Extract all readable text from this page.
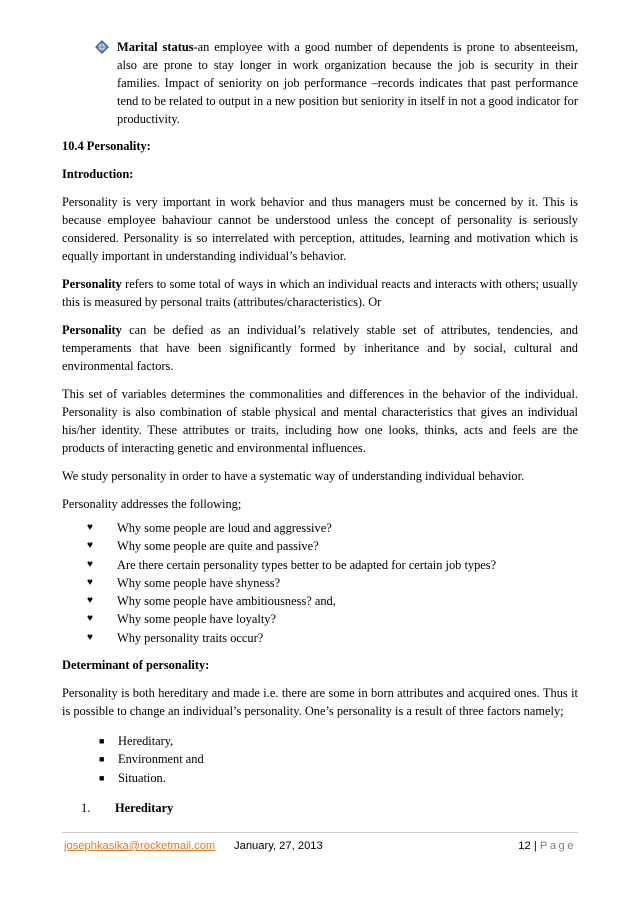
Marital status-an employee with a good number of dependents is prone to absenteeism, also are prone to stay longer in work organization because the job is security in their families. Impact of seniority on job performance –records indicates that past performance tend to be related to output in a new position but seniority in itself in not a good indicator for productivity.

10.4 Personality:

Introduction:

Personality is very important in work behavior and thus managers must be concerned by it. This is because employee bahaviour cannot be understood unless the concept of personality is seriously considered. Personality is so interrelated with perception, attitudes, learning and motivation which is equally important in understanding individual’s behavior.

Personality refers to some total of ways in which an individual reacts and interacts with others; usually this is measured by personal traits (attributes/characteristics). Or

Personality can be defied as an individual’s relatively stable set of attributes, tendencies, and temperaments that have been significantly formed by inheritance and by social, cultural and environmental factors.

This set of variables determines the commonalities and differences in the behavior of the individual. Personality is also combination of stable physical and mental characteristics that gives an individual his/her identity. These attributes or traits, including how one looks, thinks, acts and feels are the products of interacting genetic and environmental influences.

We study personality in order to have a systematic way of understanding individual behavior.

Personality addresses the following;

♥	Why some people are loud and aggressive?
♥	Why some people are quite and passive?
♥	Are there certain personality types better to be adapted for certain job types?
♥	Why some people have shyness?
♥	Why some people have ambitiousness? and,
♥	Why some people have loyalty?
♥	Why personality traits occur?

Determinant of personality:

Personality is both hereditary and made i.e. there are some in born attributes and acquired ones. Thus it is possible to change an individual’s personality. One’s personality is a result of three factors namely;

■	Hereditary,
■	Environment and
■	Situation.
1.	Hereditary
josephkasika@rocketmail.com January, 27, 2013	12 | Page
